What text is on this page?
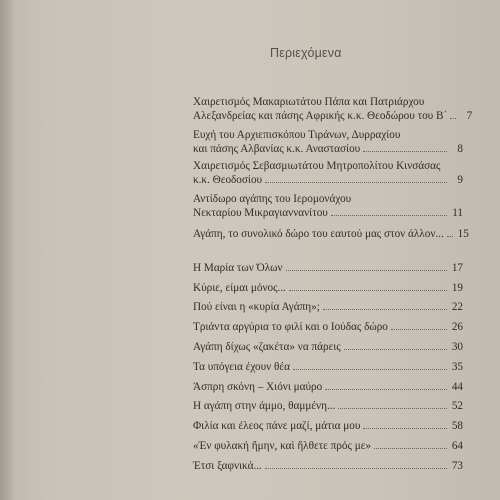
Περιεχόμενα
Χαιρετισμός Μακαριωτάτου Πάπα και Πατριάρχου
Αλεξανδρείας και πάσης Αφρικής κ.κ. Θεοδώρου του Β΄	7
Ευχή του Αρχιεπισκόπου Τιράνων, Δυρραχίου
και πάσης Αλβανίας κ.κ. Αναστασίου	8
Χαιρετισμός Σεβασμιωτάτου Μητροπολίτου Κινσάσας
κ.κ. Θεοδοσίου	9
Αντίδωρο αγάπης του Ιερομονάχου
Νεκταρίου Μικραγιαννανίτου	11
Αγάπη, το συνολικό δώρο του εαυτού μας στον άλλον... 15
Η Μαρία των Όλων	17
Κύριε, είμαι μόνος...	19
Πού είναι η «κυρία Αγάπη»;	22
Τριάντα αργύρια το φιλί και ο Ιούδας δώρο	26
Αγάπη δίχως «ζακέτα» να πάρεις	30
Τα υπόγεια έχουν θέα	35
Άσπρη σκόνη – Χιόνι μαύρο	44
Η αγάπη στην άμμο, θαμμένη...	52
Φιλία και έλεος πάνε μαζί, μάτια μου	58
«Έν φυλακή ἤμην, καὶ ἤλθετε πρός με»	64
Έτσι ξαφνικά...	73
